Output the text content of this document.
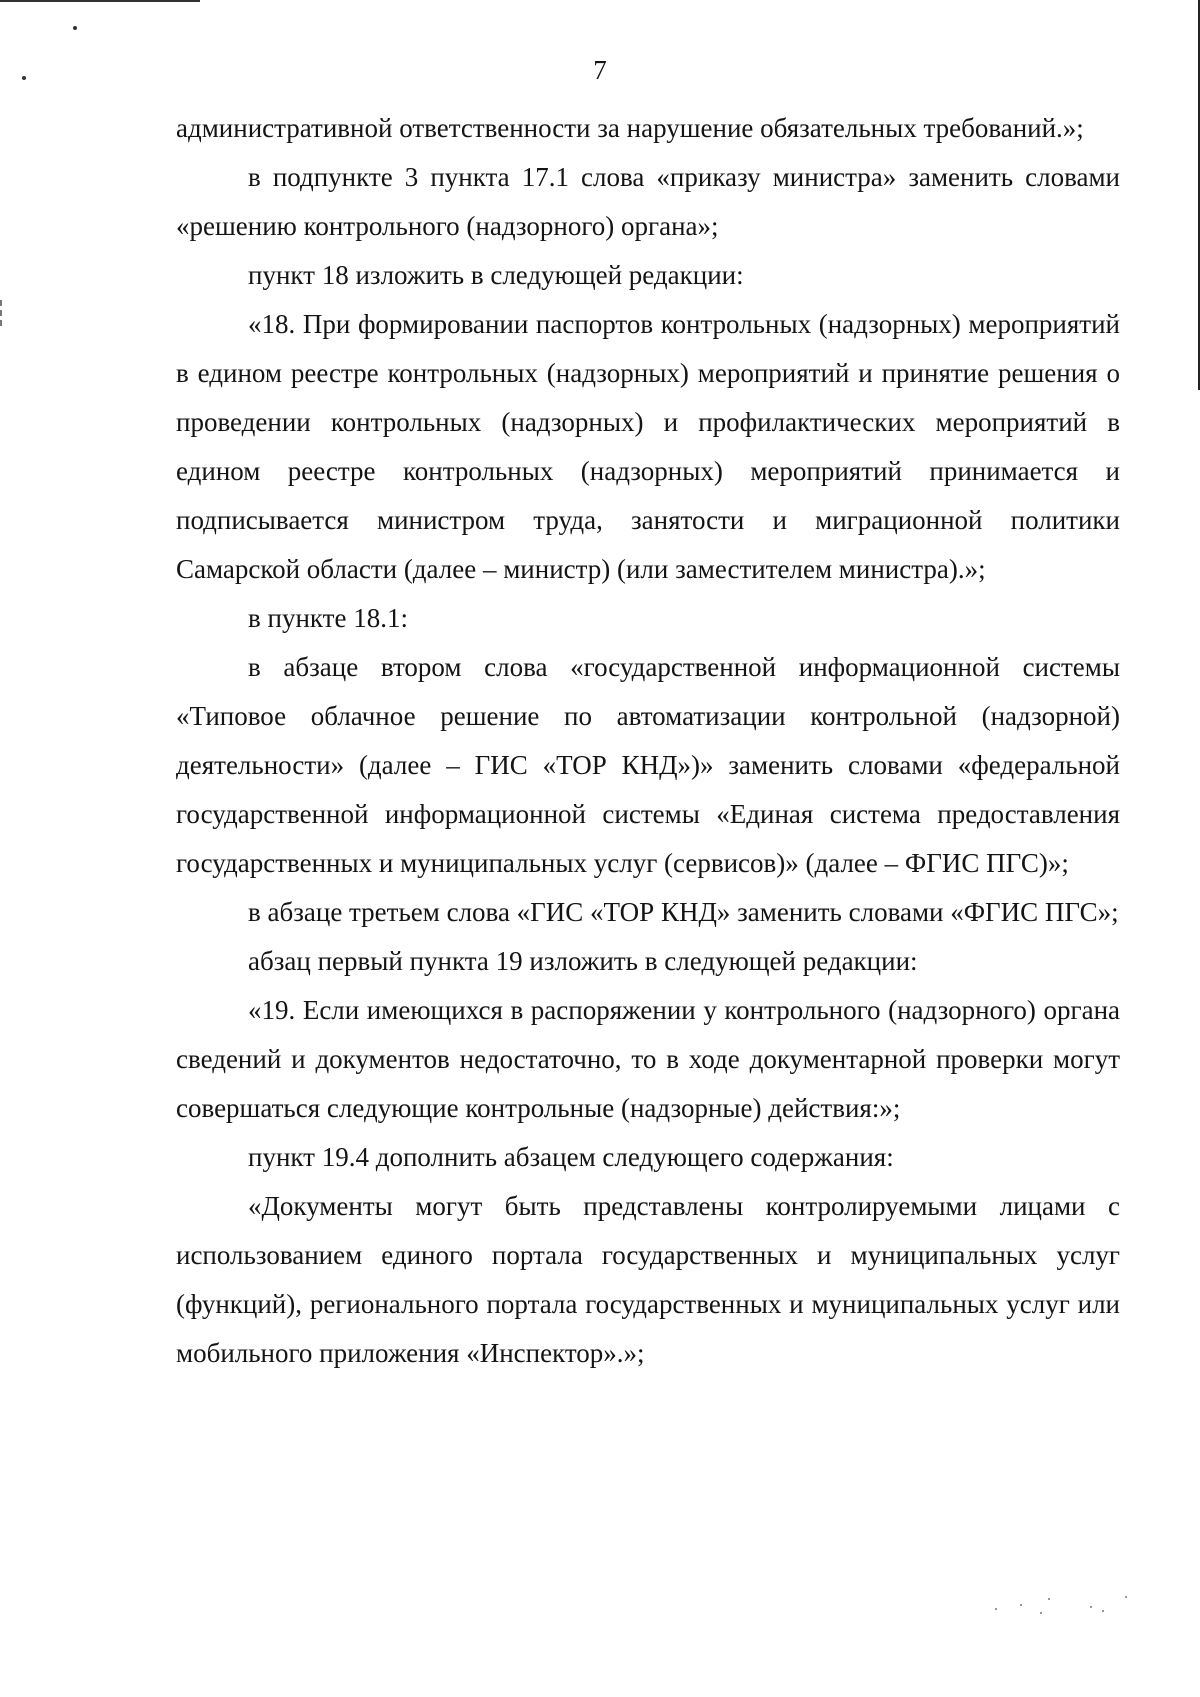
7

административной ответственности за нарушение обязательных требований.»;

в подпункте 3 пункта 17.1 слова «приказу министра» заменить словами «решению контрольного (надзорного) органа»;

пункт 18 изложить в следующей редакции:

«18. При формировании паспортов контрольных (надзорных) мероприятий в едином реестре контрольных (надзорных) мероприятий и принятие решения о проведении контрольных (надзорных) и профилактических мероприятий в едином реестре контрольных (надзорных) мероприятий принимается и подписывается министром труда, занятости и миграционной политики Самарской области (далее – министр) (или заместителем министра).»;

в пункте 18.1:

в абзаце втором слова «государственной информационной системы «Типовое облачное решение по автоматизации контрольной (надзорной) деятельности» (далее – ГИС «ТОР КНД»)» заменить словами «федеральной государственной информационной системы «Единая система предоставления государственных и муниципальных услуг (сервисов)» (далее – ФГИС ПГС)»;

в абзаце третьем слова «ГИС «ТОР КНД» заменить словами «ФГИС ПГС»;

абзац первый пункта 19 изложить в следующей редакции:

«19. Если имеющихся в распоряжении у контрольного (надзорного) органа сведений и документов недостаточно, то в ходе документарной проверки могут совершаться следующие контрольные (надзорные) действия:»;

пункт 19.4 дополнить абзацем следующего содержания:

«Документы могут быть представлены контролируемыми лицами с использованием единого портала государственных и муниципальных услуг (функций), регионального портала государственных и муниципальных услуг или мобильного приложения «Инспектор».»;
